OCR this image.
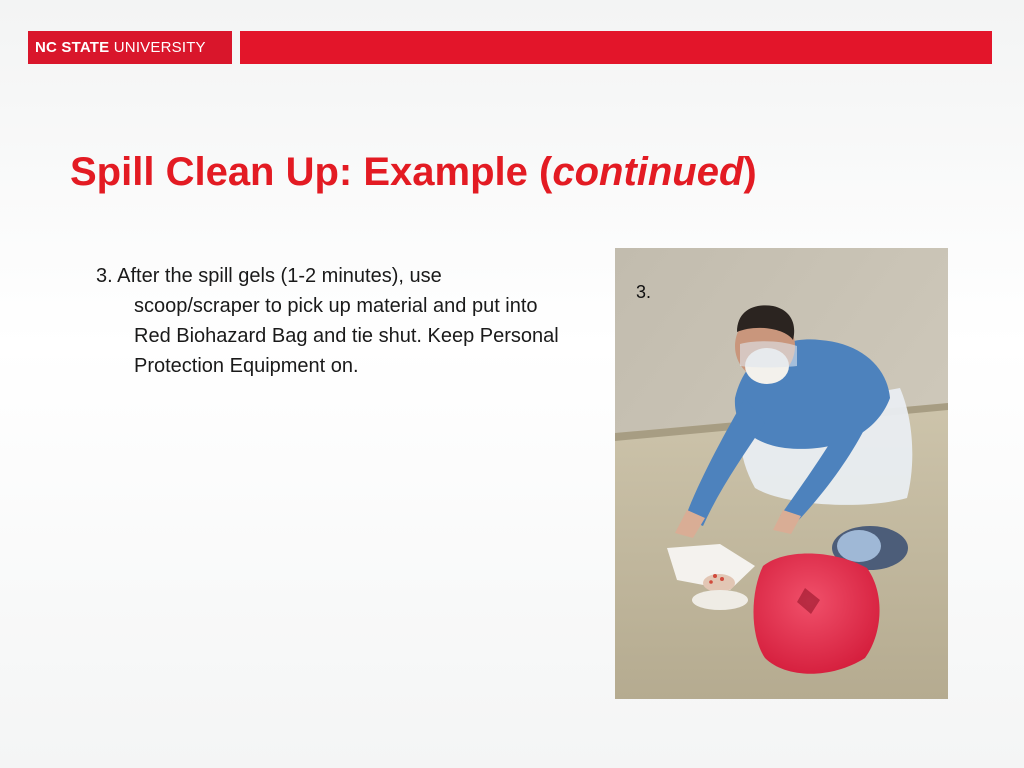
NC STATE UNIVERSITY
Spill Clean Up: Example (continued)
3. After the spill gels (1-2 minutes), use scoop/scraper to pick up material and put into Red Biohazard Bag and tie shut. Keep Personal Protection Equipment on.
3.
